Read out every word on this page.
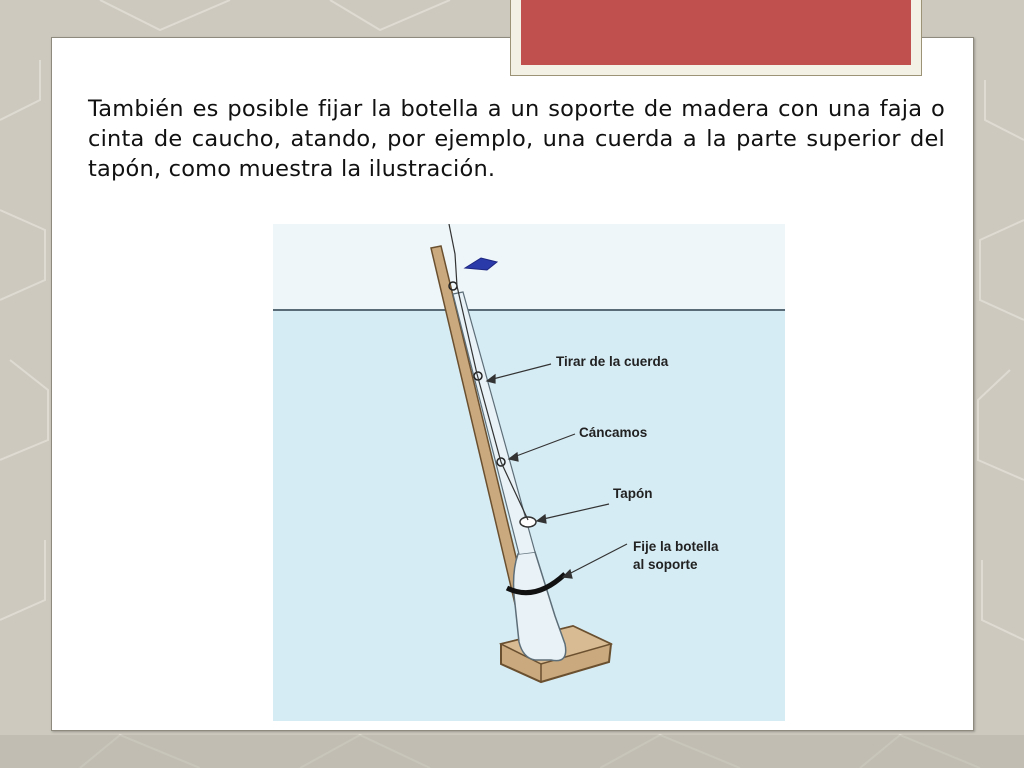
También es posible fijar la botella a un soporte de madera con una faja o cinta de caucho, atando, por ejemplo, una cuerda a la parte superior del tapón, como muestra la ilustración.

Tirar de la cuerda
Cáncamos
Tapón
Fije la botella
al soporte
